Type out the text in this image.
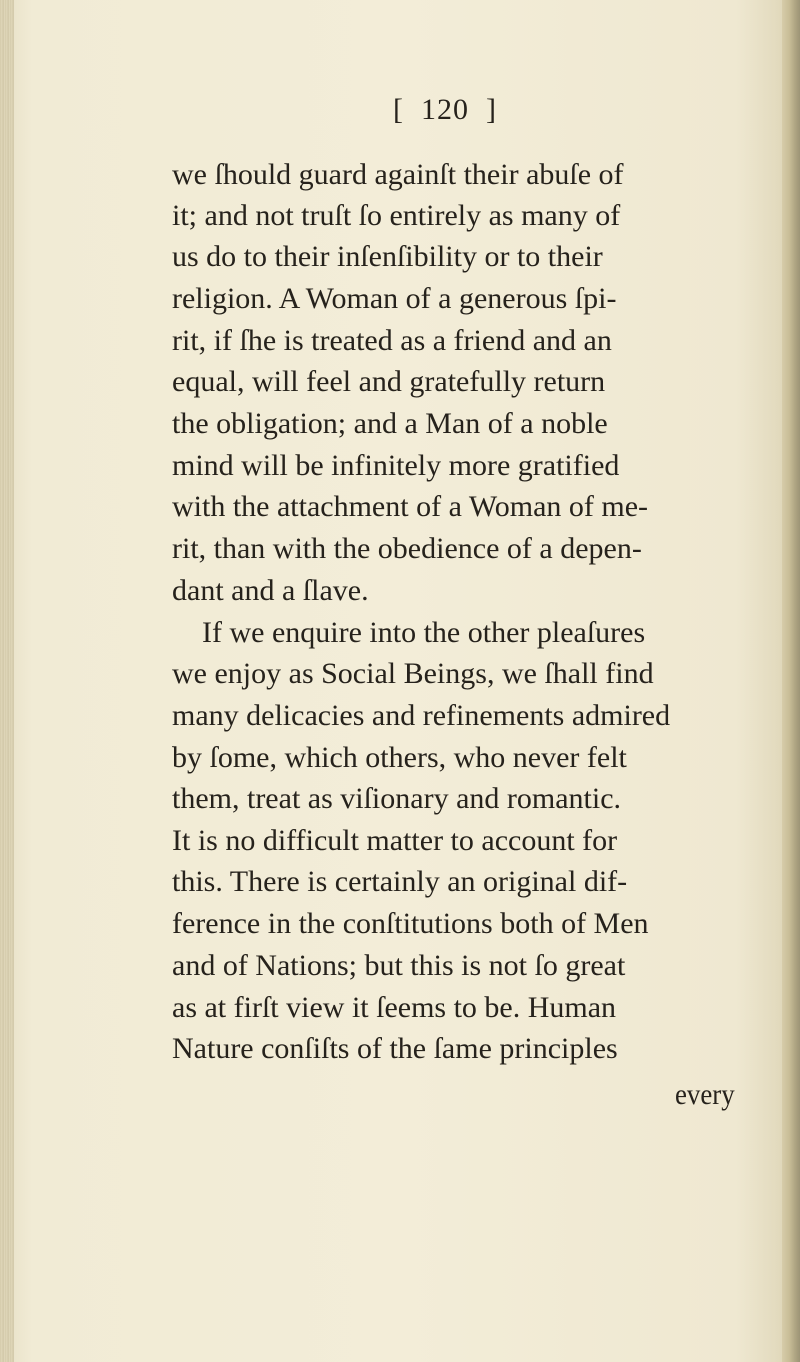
[  120  ]
we ſhould guard againſt their abuſe of
it; and not truſt ſo entirely as many of
us do to their inſenſibility or to their
religion. A Woman of a generous ſpi-
rit, if ſhe is treated as a friend and an
equal, will feel and gratefully return
the obligation; and a Man of a noble
mind will be infinitely more gratified
with the attachment of a Woman of me-
rit, than with the obedience of a depen-
dant and a ſlave.
If we enquire into the other pleaſures
we enjoy as Social Beings, we ſhall find
many delicacies and refinements admired
by ſome, which others, who never felt
them, treat as viſionary and romantic.
It is no difficult matter to account for
this. There is certainly an original dif-
ference in the conſtitutions both of Men
and of Nations; but this is not ſo great
as at firſt view it ſeems to be. Human
Nature conſiſts of the ſame principles
every
